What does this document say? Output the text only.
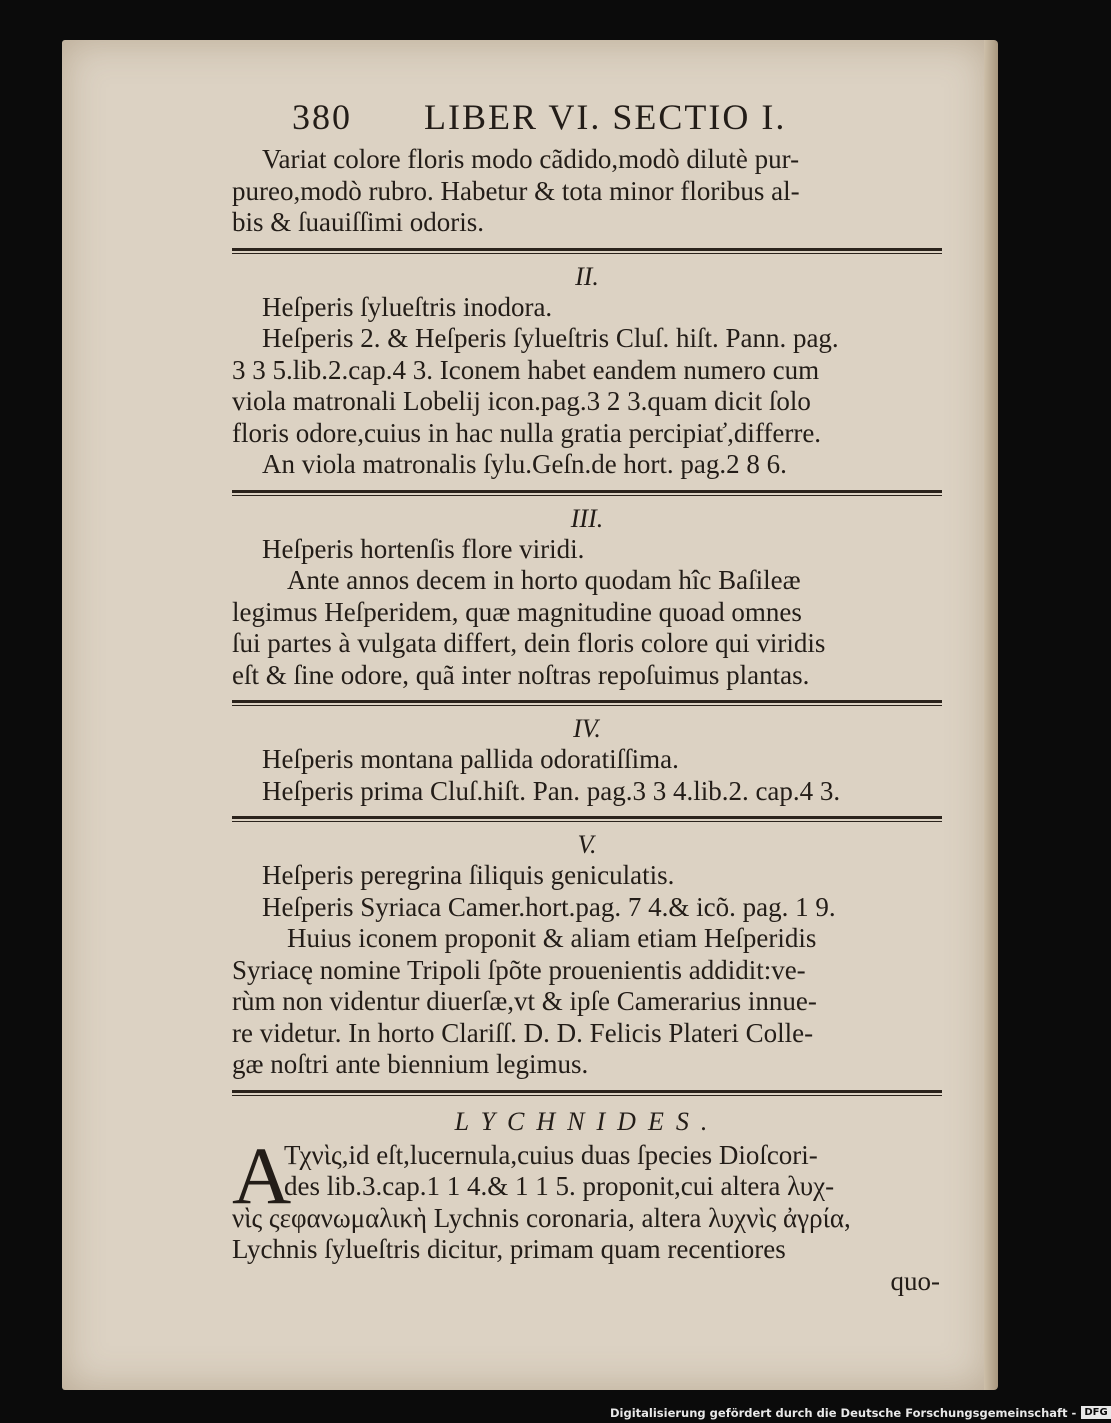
380 LIBER VI. SECTIO I.
Variat colore floris modo cãdido,modò dilutè pur-
pureo,modò rubro. Habetur & tota minor floribus al-
bis & ſuauiſſimi odoris.
II.
Heſperis ſylueſtris inodora.
Heſperis 2. & Heſperis ſylueſtris Cluſ. hiſt. Pann. pag.
3 3 5.lib.2.cap.4 3. Iconem habet eandem numero cum
viola matronali Lobelij icon.pag.3 2 3.quam dicit ſolo
floris odore,cuius in hac nulla gratia percipiať,differre.
An viola matronalis ſylu.Geſn.de hort. pag.2 8 6.
III.
Heſperis hortenſis flore viridi.
Ante annos decem in horto quodam hîc Baſileæ
legimus Heſperidem, quæ magnitudine quoad omnes
ſui partes à vulgata differt, dein floris colore qui viridis
eſt & ſine odore, quã inter noſtras repoſuimus plantas.
IV.
Heſperis montana pallida odoratiſſima.
Heſperis prima Cluſ.hiſt. Pan. pag.3 3 4.lib.2. cap.4 3.
V.
Heſperis peregrina ſiliquis geniculatis.
Heſperis Syriaca Camer.hort.pag. 7 4.& icõ. pag. 1 9.
Huius iconem proponit & aliam etiam Heſperidis
Syriacę nomine Tripoli ſpõte prouenientis addidit:ve-
rùm non videntur diuerſæ,vt & ipſe Camerarius innue-
re videtur. In horto Clariſſ. D. D. Felicis Plateri Colle-
gæ noſtri ante biennium legimus.
LYCHNIDES.
A
Τχνὶς,id eſt,lucernula,cuius duas ſpecies Dioſcori-
des lib.3.cap.1 1 4.& 1 1 5. proponit,cui altera λυχ-
νὶς ςεφανωμαλικὴ Lychnis coronaria, altera λυχνὶς ἀγρία,
Lychnis ſylueſtris dicitur, primam quam recentiores
quo-
Digitalisierung gefördert durch die Deutsche Forschungsgemeinschaft - DFG
